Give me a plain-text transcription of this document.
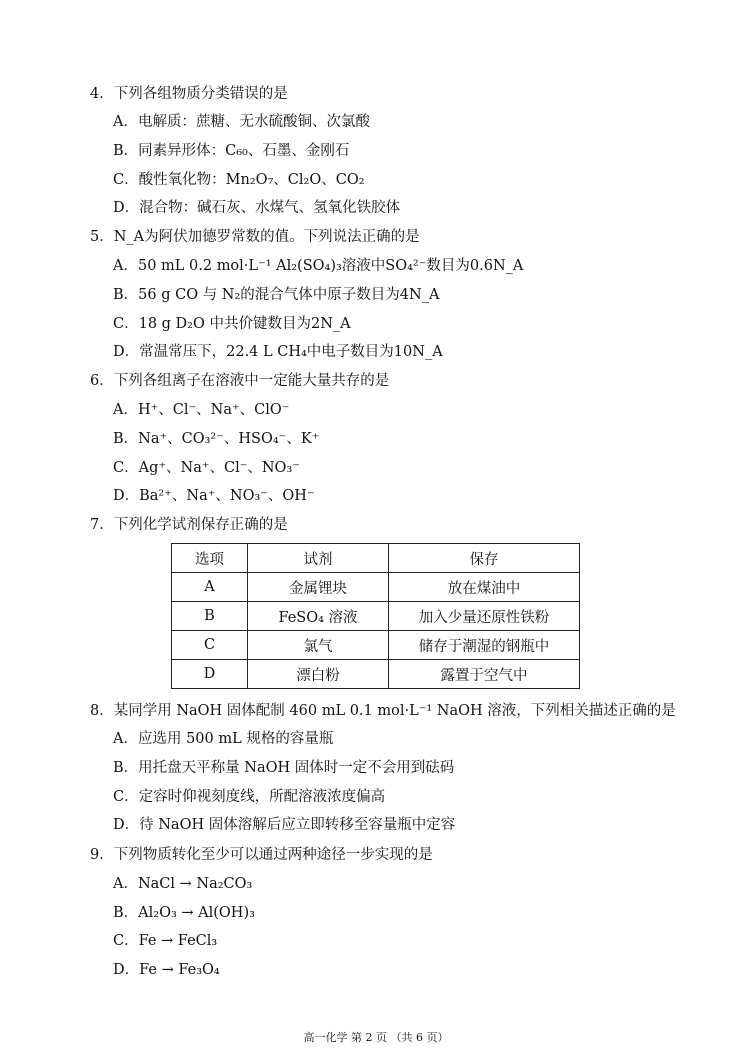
4．下列各组物质分类错误的是
A．电解质：蔗糖、无水硫酸铜、次氯酸
B．同素异形体：C₆₀、石墨、金刚石
C．酸性氧化物：Mn₂O₇、Cl₂O、CO₂
D．混合物：碱石灰、水煤气、氢氧化铁胶体
5．N_A为阿伏加德罗常数的值。下列说法正确的是
A．50 mL 0.2 mol·L⁻¹ Al₂(SO₄)₃溶液中SO₄²⁻数目为0.6N_A
B．56 g CO 与 N₂的混合气体中原子数目为4N_A
C．18 g D₂O 中共价键数目为2N_A
D．常温常压下，22.4 L CH₄中电子数目为10N_A
6．下列各组离子在溶液中一定能大量共存的是
A．H⁺、Cl⁻、Na⁺、ClO⁻
B．Na⁺、CO₃²⁻、HSO₄⁻、K⁺
C．Ag⁺、Na⁺、Cl⁻、NO₃⁻
D．Ba²⁺、Na⁺、NO₃⁻、OH⁻
7．下列化学试剂保存正确的是
选项	试剂	保存
A	金属锂块	放在煤油中
B	FeSO₄ 溶液	加入少量还原性铁粉
C	氯气	储存于潮湿的钢瓶中
D	漂白粉	露置于空气中
8．某同学用 NaOH 固体配制 460 mL 0.1 mol·L⁻¹ NaOH 溶液，下列相关描述正确的是
A．应选用 500 mL 规格的容量瓶
B．用托盘天平称量 NaOH 固体时一定不会用到砝码
C．定容时仰视刻度线，所配溶液浓度偏高
D．待 NaOH 固体溶解后应立即转移至容量瓶中定容
9．下列物质转化至少可以通过两种途径一步实现的是
A．NaCl → Na₂CO₃
B．Al₂O₃ → Al(OH)₃
C．Fe → FeCl₃
D．Fe → Fe₃O₄
高一化学 第 2 页 （共 6 页）
